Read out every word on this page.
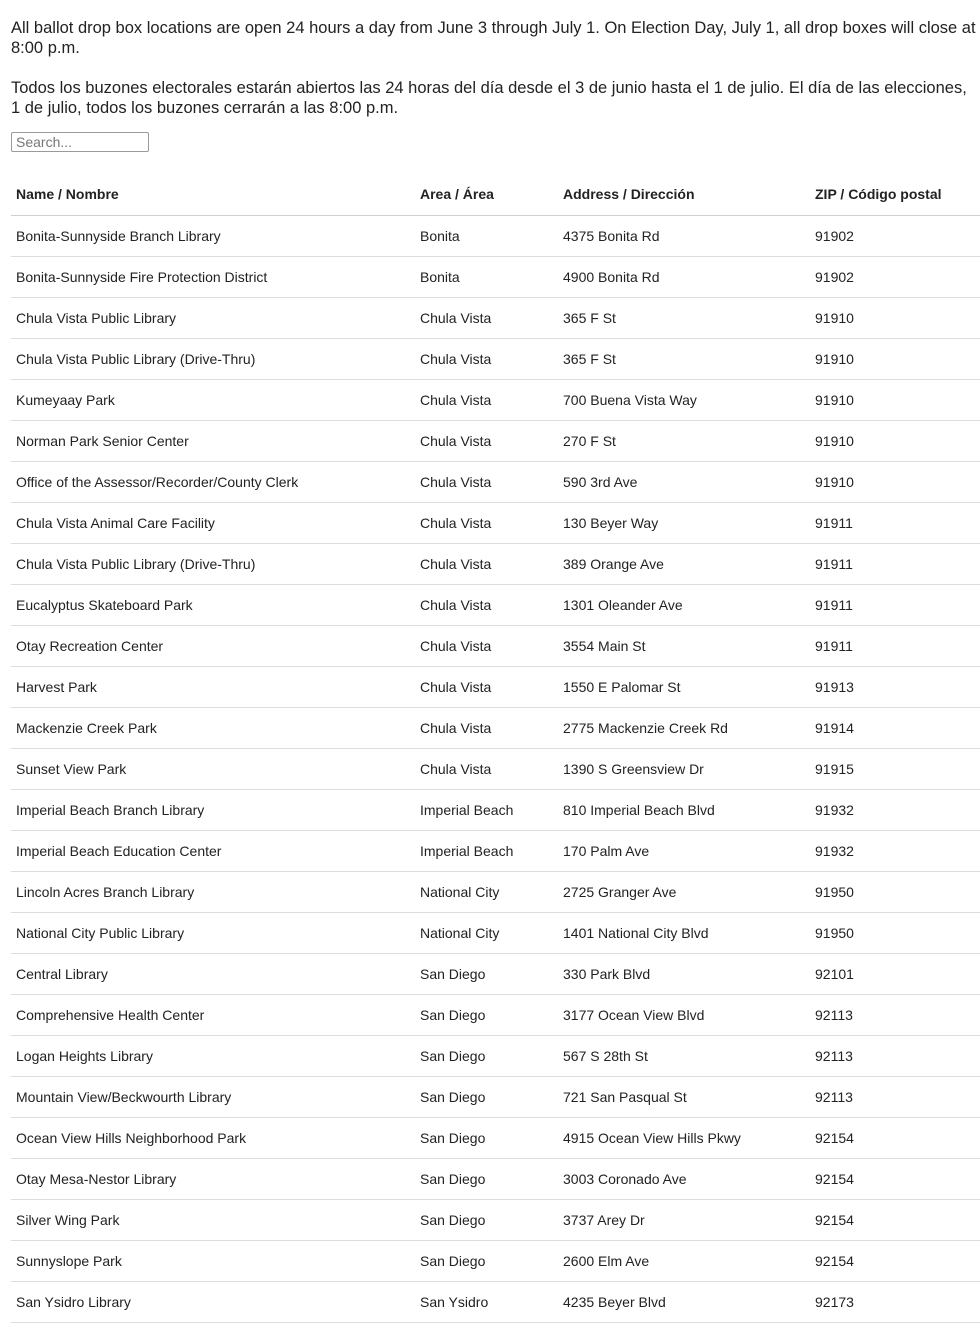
All ballot drop box locations are open 24 hours a day from June 3 through July 1. On Election Day, July 1, all drop boxes will close at 8:00 p.m.

Todos los buzones electorales estarán abiertos las 24 horas del día desde el 3 de junio hasta el 1 de julio. El día de las elecciones, 1 de julio, todos los buzones cerrarán a las 8:00 p.m.

Search...
Name / Nombre	Area / Área	Address / Dirección	ZIP / Código postal
Bonita-Sunnyside Branch Library	Bonita	4375 Bonita Rd	91902
Bonita-Sunnyside Fire Protection District	Bonita	4900 Bonita Rd	91902
Chula Vista Public Library	Chula Vista	365 F St	91910
Chula Vista Public Library (Drive-Thru)	Chula Vista	365 F St	91910
Kumeyaay Park	Chula Vista	700 Buena Vista Way	91910
Norman Park Senior Center	Chula Vista	270 F St	91910
Office of the Assessor/Recorder/County Clerk	Chula Vista	590 3rd Ave	91910
Chula Vista Animal Care Facility	Chula Vista	130 Beyer Way	91911
Chula Vista Public Library (Drive-Thru)	Chula Vista	389 Orange Ave	91911
Eucalyptus Skateboard Park	Chula Vista	1301 Oleander Ave	91911
Otay Recreation Center	Chula Vista	3554 Main St	91911
Harvest Park	Chula Vista	1550 E Palomar St	91913
Mackenzie Creek Park	Chula Vista	2775 Mackenzie Creek Rd	91914
Sunset View Park	Chula Vista	1390 S Greensview Dr	91915
Imperial Beach Branch Library	Imperial Beach	810 Imperial Beach Blvd	91932
Imperial Beach Education Center	Imperial Beach	170 Palm Ave	91932
Lincoln Acres Branch Library	National City	2725 Granger Ave	91950
National City Public Library	National City	1401 National City Blvd	91950
Central Library	San Diego	330 Park Blvd	92101
Comprehensive Health Center	San Diego	3177 Ocean View Blvd	92113
Logan Heights Library	San Diego	567 S 28th St	92113
Mountain View/Beckwourth Library	San Diego	721 San Pasqual St	92113
Ocean View Hills Neighborhood Park	San Diego	4915 Ocean View Hills Pkwy	92154
Otay Mesa-Nestor Library	San Diego	3003 Coronado Ave	92154
Silver Wing Park	San Diego	3737 Arey Dr	92154
Sunnyslope Park	San Diego	2600 Elm Ave	92154
San Ysidro Library	San Ysidro	4235 Beyer Blvd	92173
